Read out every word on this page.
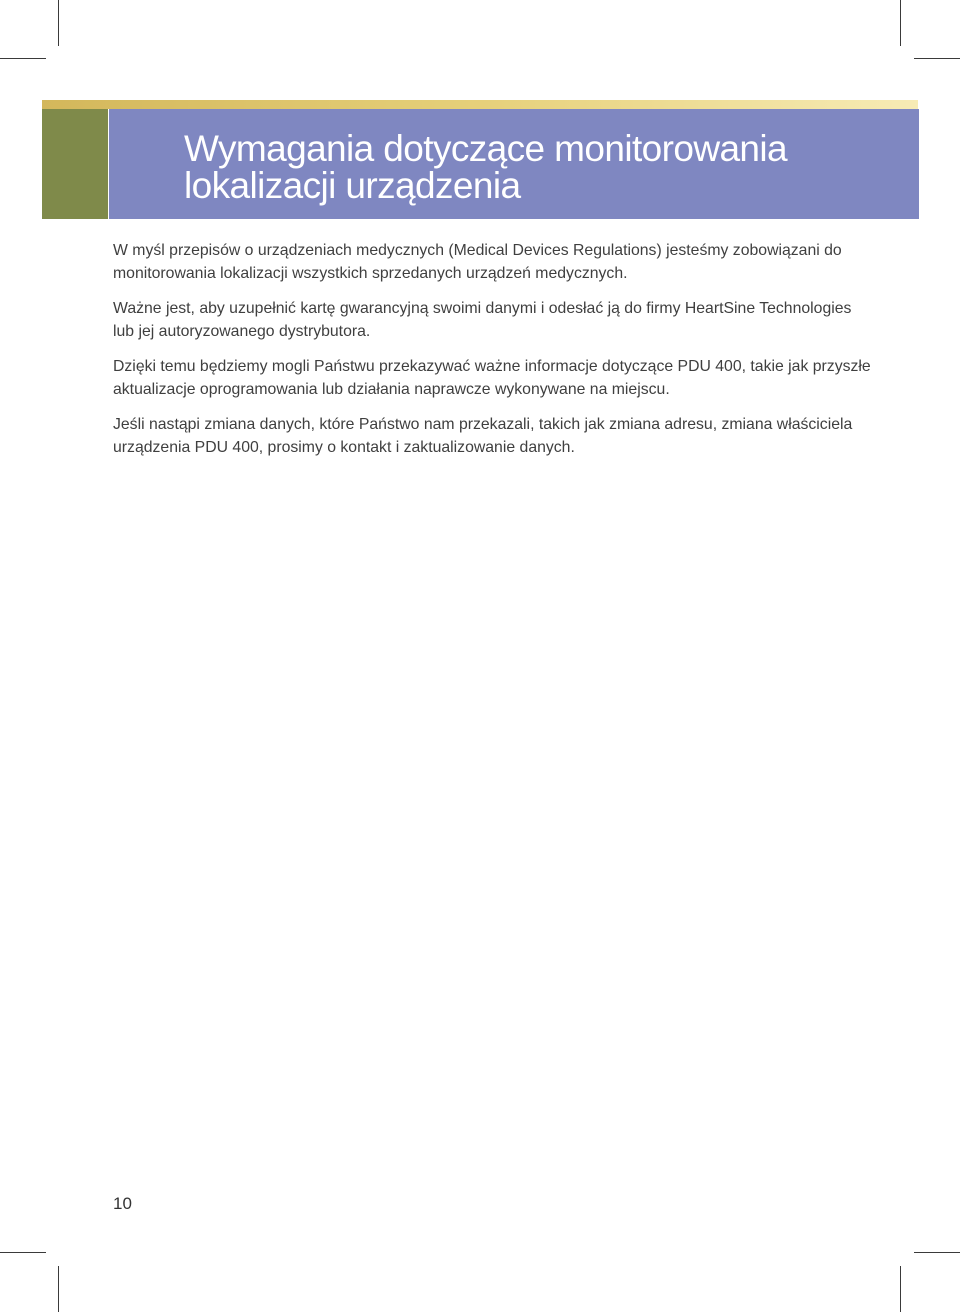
Wymagania dotyczące monitorowania
lokalizacji urządzenia

W myśl przepisów o urządzeniach medycznych (Medical Devices Regulations) jesteśmy zobowiązani do monitorowania lokalizacji wszystkich sprzedanych urządzeń medycznych.

Ważne jest, aby uzupełnić kartę gwarancyjną swoimi danymi i odesłać ją do firmy HeartSine Technologies lub jej autoryzowanego dystrybutora.

Dzięki temu będziemy mogli Państwu przekazywać ważne informacje dotyczące PDU 400, takie jak przyszłe aktualizacje oprogramowania lub działania naprawcze wykonywane na miejscu.

Jeśli nastąpi zmiana danych, które Państwo nam przekazali, takich jak zmiana adresu, zmiana właściciela urządzenia PDU 400, prosimy o kontakt i zaktualizowanie danych.

10
